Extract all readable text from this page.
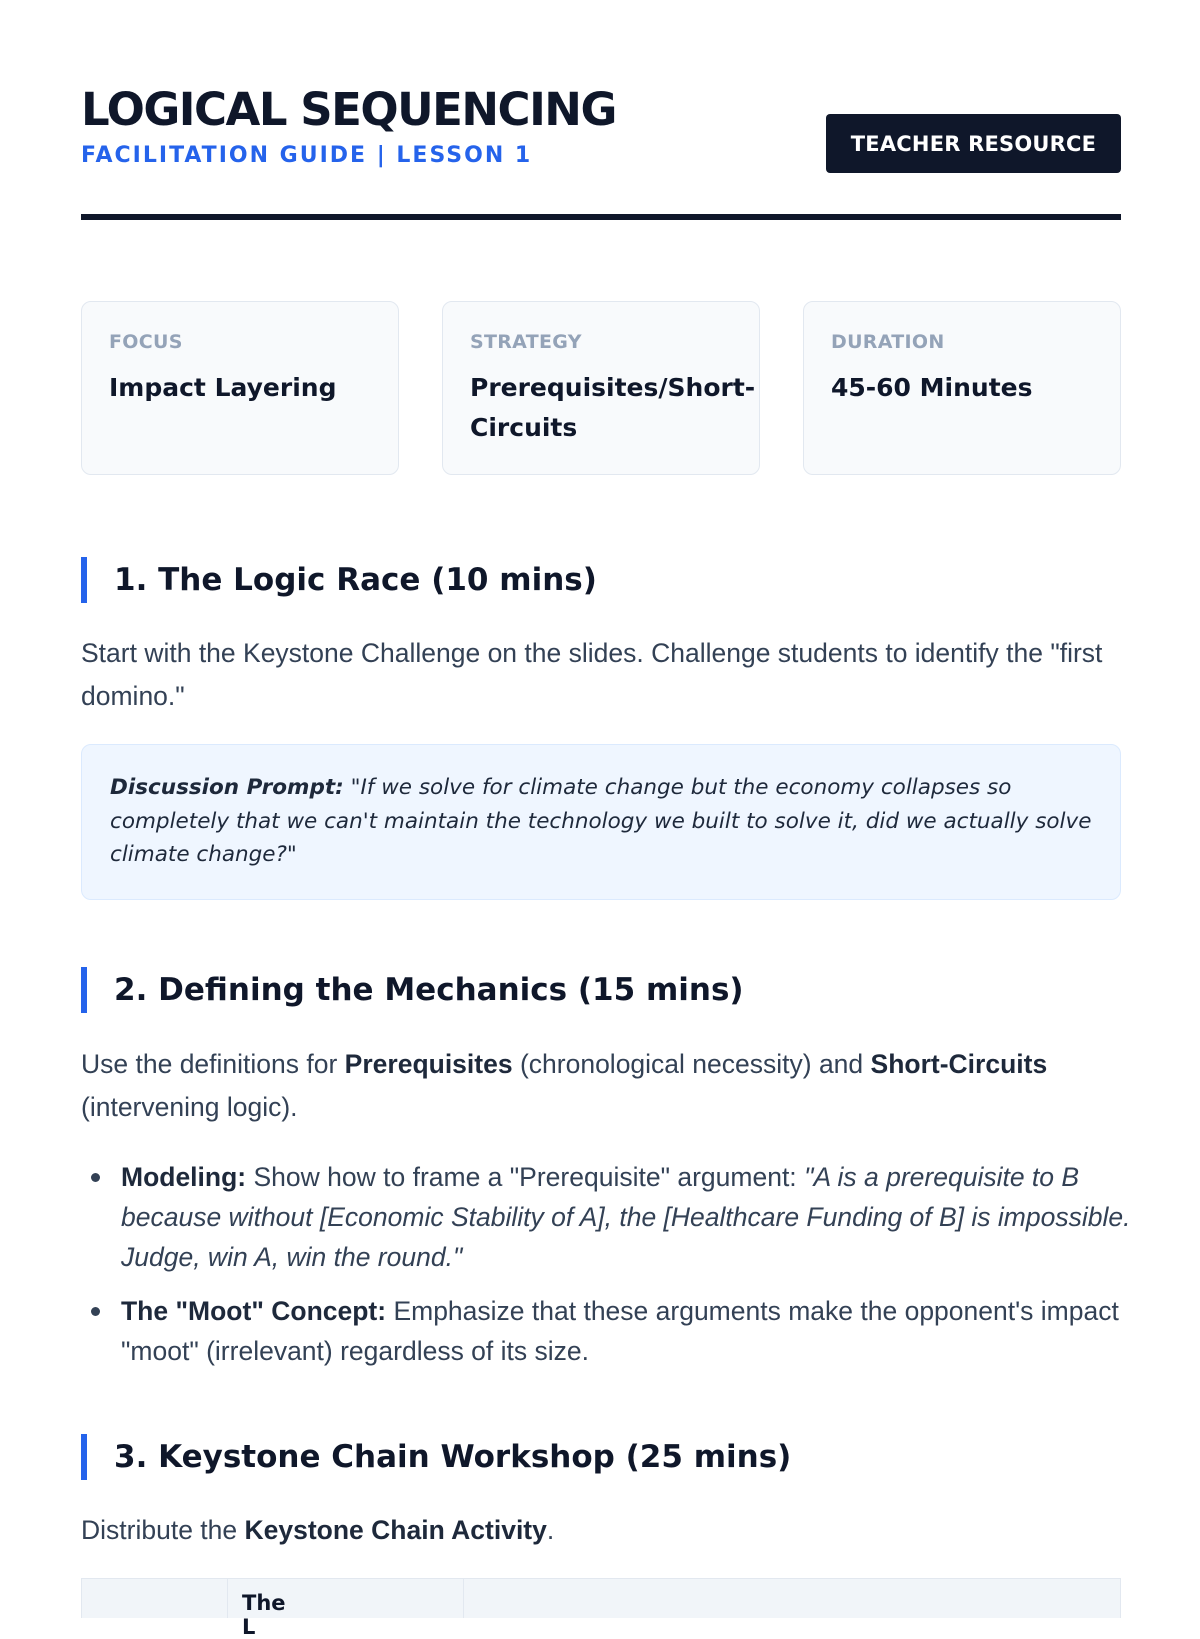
LOGICAL SEQUENCING
FACILITATION GUIDE | LESSON 1	TEACHER RESOURCE
FOCUS
Impact Layering
STRATEGY
Prerequisites/Short-Circuits
DURATION
45-60 Minutes
1. The Logic Race (10 mins)

Start with the Keystone Challenge on the slides. Challenge students to identify the "first domino."

Discussion Prompt: "If we solve for climate change but the economy collapses so completely that we can't maintain the technology we built to solve it, did we actually solve climate change?"
2. Defining the Mechanics (15 mins)

Use the definitions for Prerequisites (chronological necessity) and Short-Circuits (intervening logic).

Modeling: Show how to frame a "Prerequisite" argument: "A is a prerequisite to B because without [Economic Stability of A], the [Healthcare Funding of B] is impossible. Judge, win A, win the round."
The "Moot" Concept: Emphasize that these arguments make the opponent's impact "moot" (irrelevant) regardless of its size.
3. Keystone Chain Workshop (25 mins)

Distribute the Keystone Chain Activity.

The L
